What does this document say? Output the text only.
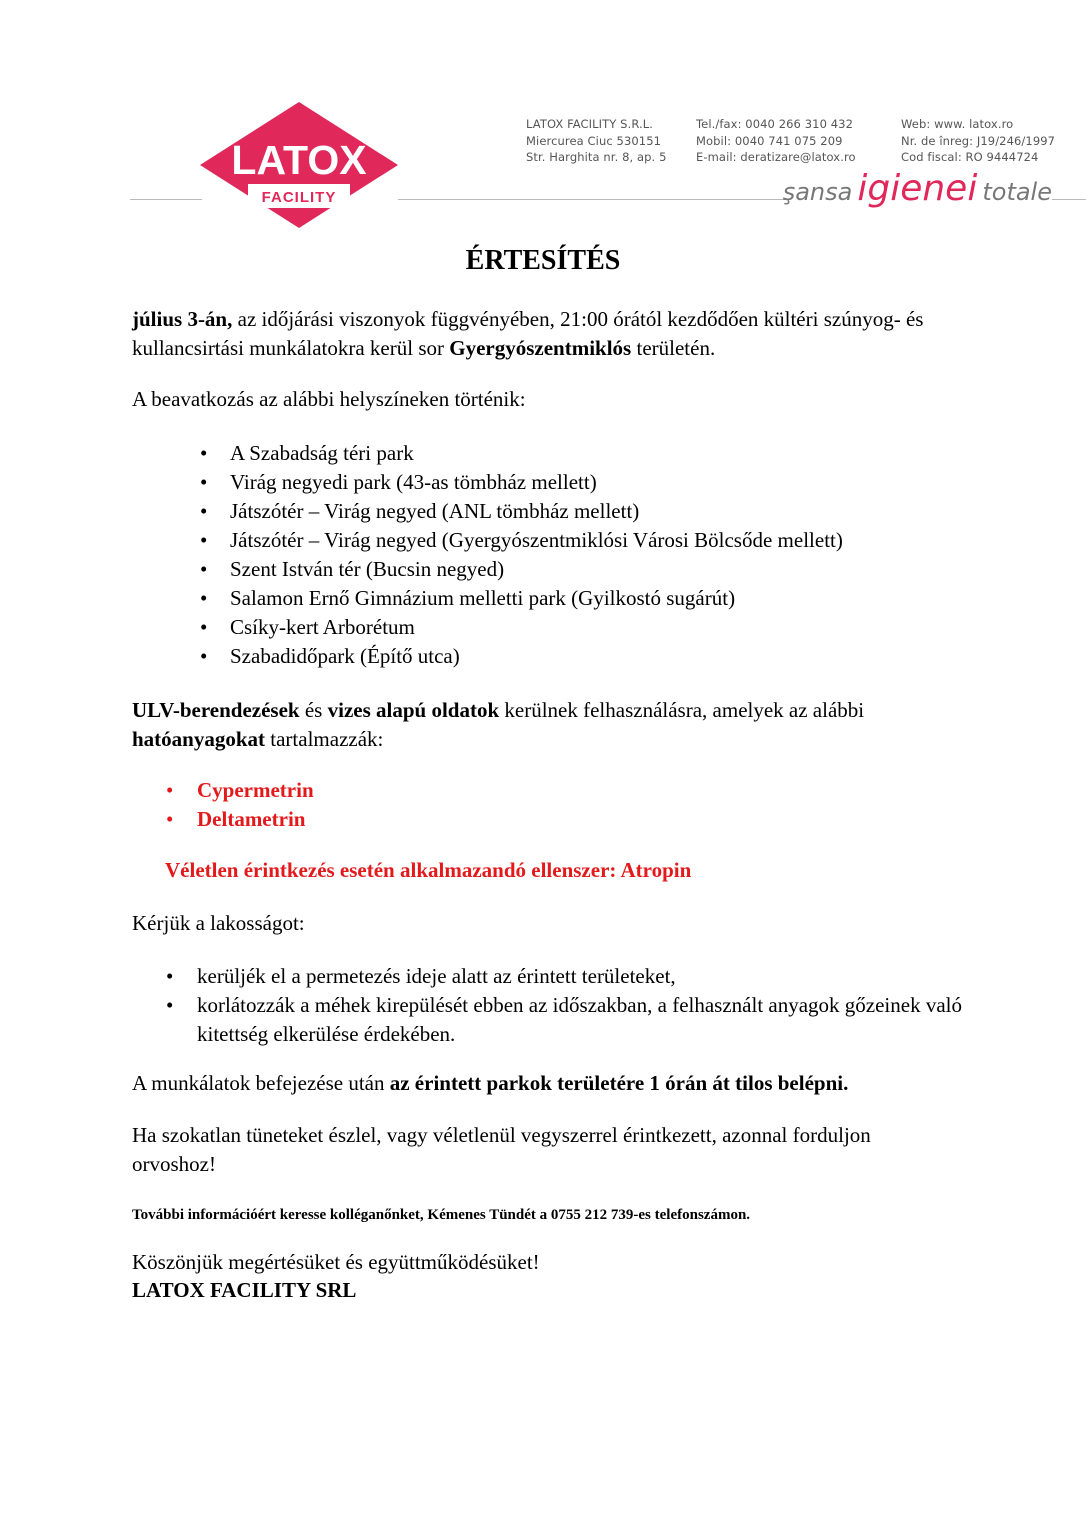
LATOX
FACILITY
LATOX FACILITY S.R.L.
Miercurea Ciuc 530151
Str. Harghita nr. 8, ap. 5
Tel./fax: 0040 266 310 432
Mobil: 0040 741 075 209
E-mail: deratizare@latox.ro
Web: www. latox.ro
Nr. de înreg: J19/246/1997
Cod fiscal: RO 9444724
şansa igienei totale
ÉRTESÍTÉS

július 3-án, az időjárási viszonyok függvényében, 21:00 órától kezdődően kültéri szúnyog- és kullancsirtási munkálatokra kerül sor Gyergyószentmiklós területén.

A beavatkozás az alábbi helyszíneken történik:

• A Szabadság téri park
• Virág negyedi park (43-as tömbház mellett)
• Játszótér – Virág negyed (ANL tömbház mellett)
• Játszótér – Virág negyed (Gyergyószentmiklósi Városi Bölcsőde mellett)
• Szent István tér (Bucsin negyed)
• Salamon Ernő Gimnázium melletti park (Gyilkostó sugárút)
• Csíky-kert Arborétum
• Szabadidőpark (Építő utca)

ULV-berendezések és vizes alapú oldatok kerülnek felhasználásra, amelyek az alábbi hatóanyagokat tartalmazzák:

• Cypermetrin
• Deltametrin

Véletlen érintkezés esetén alkalmazandó ellenszer: Atropin

Kérjük a lakosságot:

• kerüljék el a permetezés ideje alatt az érintett területeket,
• korlátozzák a méhek kirepülését ebben az időszakban, a felhasznált anyagok gőzeinek való kitettség elkerülése érdekében.

A munkálatok befejezése után az érintett parkok területére 1 órán át tilos belépni.

Ha szokatlan tüneteket észlel, vagy véletlenül vegyszerrel érintkezett, azonnal forduljon orvoshoz!

További információért keresse kolléganőnket, Kémenes Tündét a 0755 212 739-es telefonszámon.

Köszönjük megértésüket és együttműködésüket!

LATOX FACILITY SRL
